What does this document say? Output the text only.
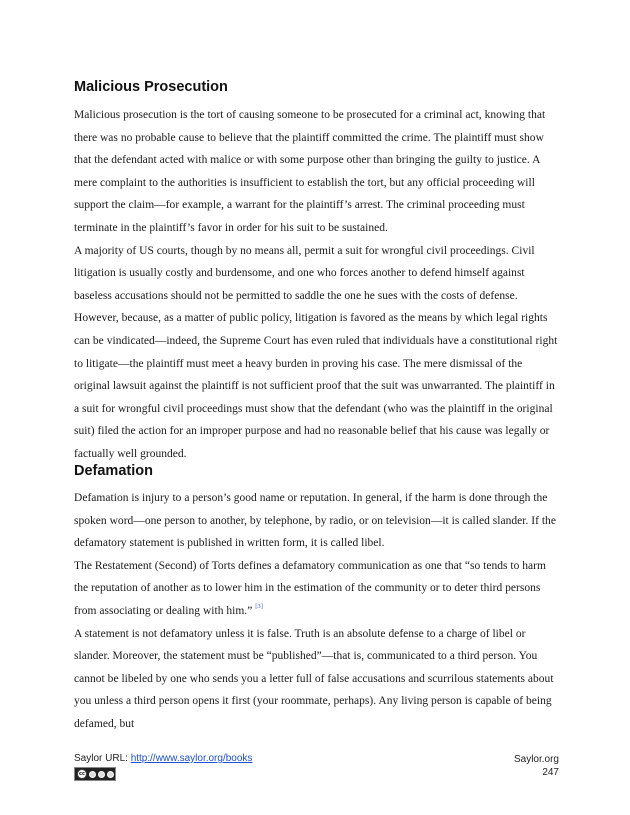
Malicious Prosecution

Malicious prosecution is the tort of causing someone to be prosecuted for a criminal act, knowing that there was no probable cause to believe that the plaintiff committed the crime. The plaintiff must show that the defendant acted with malice or with some purpose other than bringing the guilty to justice. A mere complaint to the authorities is insufficient to establish the tort, but any official proceeding will support the claim—for example, a warrant for the plaintiff’s arrest. The criminal proceeding must terminate in the plaintiff’s favor in order for his suit to be sustained.

A majority of US courts, though by no means all, permit a suit for wrongful civil proceedings. Civil litigation is usually costly and burdensome, and one who forces another to defend himself against baseless accusations should not be permitted to saddle the one he sues with the costs of defense. However, because, as a matter of public policy, litigation is favored as the means by which legal rights can be vindicated—indeed, the Supreme Court has even ruled that individuals have a constitutional right to litigate—the plaintiff must meet a heavy burden in proving his case. The mere dismissal of the original lawsuit against the plaintiff is not sufficient proof that the suit was unwarranted. The plaintiff in a suit for wrongful civil proceedings must show that the defendant (who was the plaintiff in the original suit) filed the action for an improper purpose and had no reasonable belief that his cause was legally or factually well grounded.

Defamation

Defamation is injury to a person’s good name or reputation. In general, if the harm is done through the spoken word—one person to another, by telephone, by radio, or on television—it is called slander. If the defamatory statement is published in written form, it is called libel.

The Restatement (Second) of Torts defines a defamatory communication as one that “so tends to harm the reputation of another as to lower him in the estimation of the community or to deter third persons from associating or dealing with him.” [3]

A statement is not defamatory unless it is false. Truth is an absolute defense to a charge of libel or slander. Moreover, the statement must be “published”—that is, communicated to a third person. You cannot be libeled by one who sends you a letter full of false accusations and scurrilous statements about you unless a third person opens it first (your roommate, perhaps). Any living person is capable of being defamed, but

Saylor URL: http://www.saylor.org/books
cc
Saylor.org
247
